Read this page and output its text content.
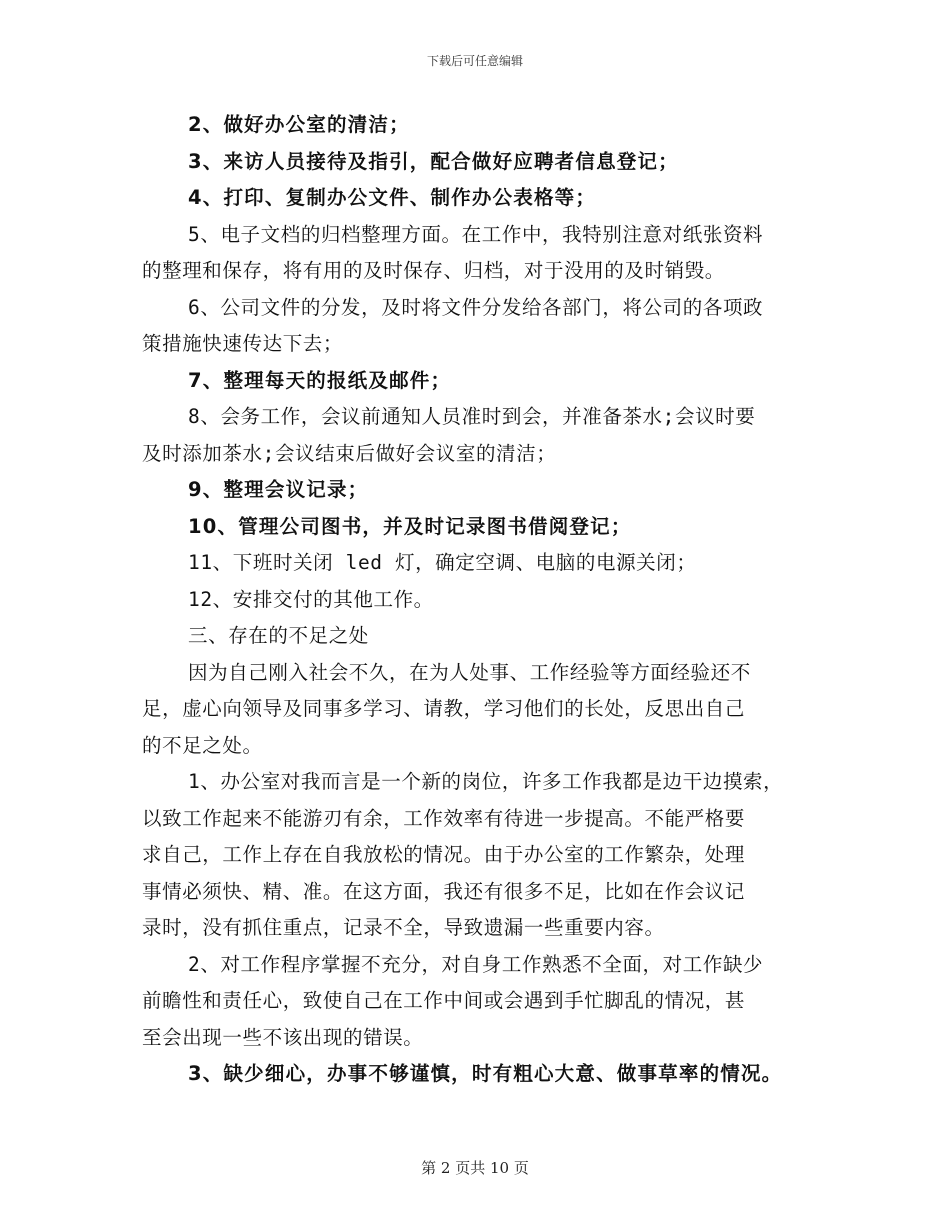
下载后可任意编辑
2、做好办公室的清洁；
3、来访人员接待及指引，配合做好应聘者信息登记；
4、打印、复制办公文件、制作办公表格等；
5、电子文档的归档整理方面。在工作中，我特别注意对纸张资料
的整理和保存，将有用的及时保存、归档，对于没用的及时销毁。
6、公司文件的分发，及时将文件分发给各部门，将公司的各项政
策措施快速传达下去；
7、整理每天的报纸及邮件；
8、会务工作，会议前通知人员准时到会，并准备茶水;会议时要
及时添加茶水;会议结束后做好会议室的清洁；
9、整理会议记录；
10、管理公司图书，并及时记录图书借阅登记；
11、下班时关闭 led 灯，确定空调、电脑的电源关闭；
12、安排交付的其他工作。
三、存在的不足之处
因为自己刚入社会不久，在为人处事、工作经验等方面经验还不
足，虚心向领导及同事多学习、请教，学习他们的长处，反思出自己
的不足之处。
1、办公室对我而言是一个新的岗位，许多工作我都是边干边摸索，
以致工作起来不能游刃有余，工作效率有待进一步提高。不能严格要
求自己，工作上存在自我放松的情况。由于办公室的工作繁杂，处理
事情必须快、精、准。在这方面，我还有很多不足，比如在作会议记
录时，没有抓住重点，记录不全，导致遗漏一些重要内容。
2、对工作程序掌握不充分，对自身工作熟悉不全面，对工作缺少
前瞻性和责任心，致使自己在工作中间或会遇到手忙脚乱的情况，甚
至会出现一些不该出现的错误。
3、缺少细心，办事不够谨慎，时有粗心大意、做事草率的情况。
第 2 页共 10 页
